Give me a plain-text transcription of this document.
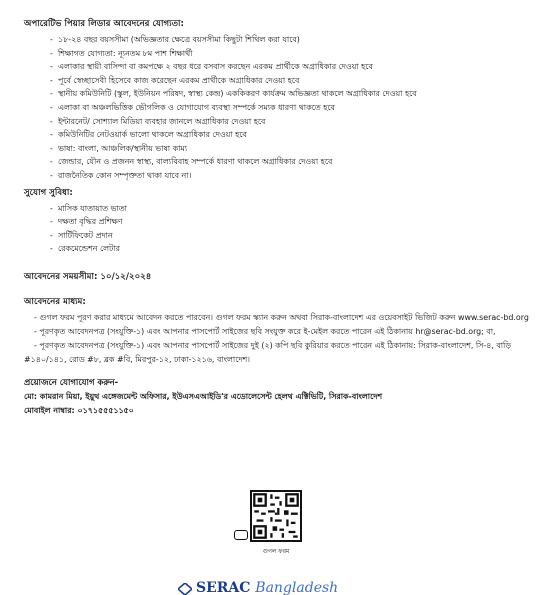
অপারেটিভ পিয়ার লিডার আবেদনের যোগ্যতা:
- ১৮-২৪ বছর বয়সসীমা (অভিজ্ঞতার ক্ষেত্রে বয়সসীমা কিছুটা শিথিল করা যাবে)
- শিক্ষাগত যোগ্যতা: ন্যূনতম ৮ম পাশ শিক্ষার্থী
- এলাকার স্থায়ী বাসিন্দা বা কমপক্ষে ২ বছর ধরে বসবাস করছেন এরকম প্রার্থীকে অগ্রাধিকার দেওয়া হবে
- পূর্বে স্বেচ্ছাসেবী হিসেবে কাজ করেছেন এরকম প্রার্থীকে অগ্রাধিকার দেওয়া হবে
- স্থানীয় কমিউনিটি (স্কুল, ইউনিয়ন পরিষদ, স্বাস্থ্য কেন্দ্র) এককিকরণ কার্যক্রম অভিজ্ঞতা থাকলে অগ্রাধিকার দেওয়া হবে
- এলাকা বা অঞ্চলভিত্তিক ভৌগলিক ও যোগাযোগ ব্যবস্থা সম্পর্কে সম্যক ধারণা থাকতে হবে
- ইন্টারনেট/ সোশ্যাল মিডিয়া ব্যবহার জানলে অগ্রাধিকার দেওয়া হবে
- কমিউনিটির নেটওয়ার্ক ভালো থাকলে অগ্রাধিকার দেওয়া হবে
- ভাষা: বাংলা, আঞ্চলিক/স্থানীয় ভাষা কাম্য
- জেন্ডার, যৌন ও প্রজনন স্বাস্থ্য, বাল্যবিবাহ সম্পর্কে ধারণা থাকলে অগ্রাধিকার দেওয়া হবে
- রাজনৈতিক কোন সম্পৃক্ততা থাকা যাবে না।
সুযোগ সুবিধা:
- মাসিক যাতায়াত ভাতা
- দক্ষতা বৃদ্ধির প্রশিক্ষণ
- সার্টিফিকেট প্রদান
- রেকমেন্ডেশন লেটার
আবেদনের সময়সীমা: ১০/১২/২০২৪
আবেদনের মাধ্যম:

- গুগল ফরম পূরণ করার মাধ্যমে আবেদন করতে পারবেন। গুগল ফরম স্ক্যান করুন অথবা সিরাক-বাংলাদেশ এর ওয়েবসাইট ভিজিট করুন www.serac-bd.org

- পূরণকৃত আবেদনপত্র (সংযুক্তি-১) এবং আপনার পাসপোর্ট সাইজের ছবি সংযুক্ত করে ই-মেইল করতে পারেন এই ঠিকানায় hr@serac-bd.org; বা,

- পূরণকৃত আবেদনপত্র (সংযুক্তি-১) এবং আপনার পাসপোর্ট সাইজের দুই (২) কপি ছবি কুরিয়ার করতে পারেন এই ঠিকানায়: সিরাক-বাংলাদেশ, সি-৪, বাড়ি #১৪০/১৪১, রোড #৮, ব্লক #বি, মিরপুর-১২, ঢাকা-১২১৬, বাংলাদেশ।

প্রয়োজনে যোগাযোগ করুন-
মো: কামরান মিয়া, ইয়ুথ এঙ্গেজমেন্ট অফিসার, ইউএসএআইডি'র এডোলেসেন্ট হেলথ এক্টিভিটি, সিরাক-বাংলাদেশ
মোবাইল নাম্বার: ০১৭১৫৫৫১১৫০
গুগল ফরম
SERAC Bangladesh
